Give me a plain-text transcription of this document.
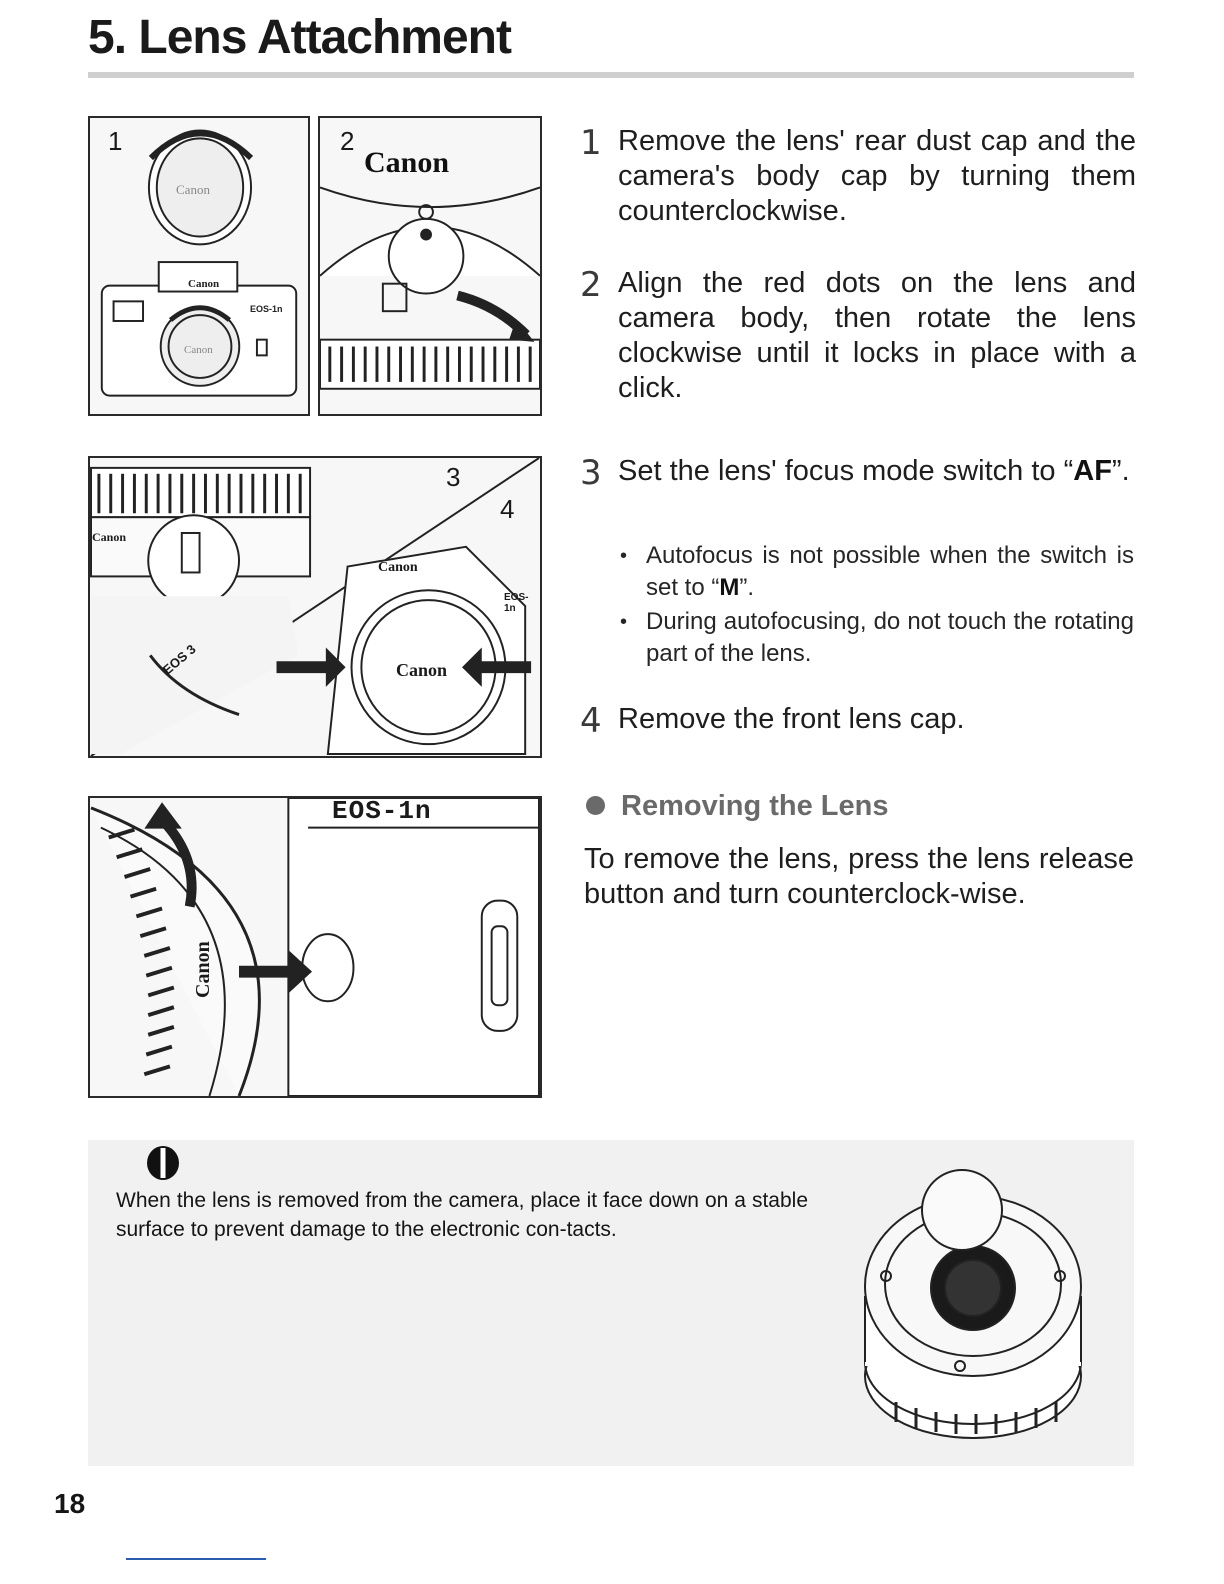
5. Lens Attachment
1
Canon
Canon
Canon
EOS-1n
2
Canon
3
4
Canon
Canon
EOS-1n
Canon
EOS 3
EOS-1n
Canon
1 Remove the lens' rear dust cap and the camera's body cap by turning them counterclockwise.
2 Align the red dots on the lens and camera body, then rotate the lens clockwise until it locks in place with a click.
3 Set the lens' focus mode switch to “AF”.
• Autofocus is not possible when the switch is set to “M”.
• During autofocusing, do not touch the rotating part of the lens.
4 Remove the front lens cap.
Removing the Lens
To remove the lens, press the lens release button and turn counterclock-wise.
When the lens is removed from the camera, place it face down on a stable surface to prevent damage to the electronic con-tacts.
18
